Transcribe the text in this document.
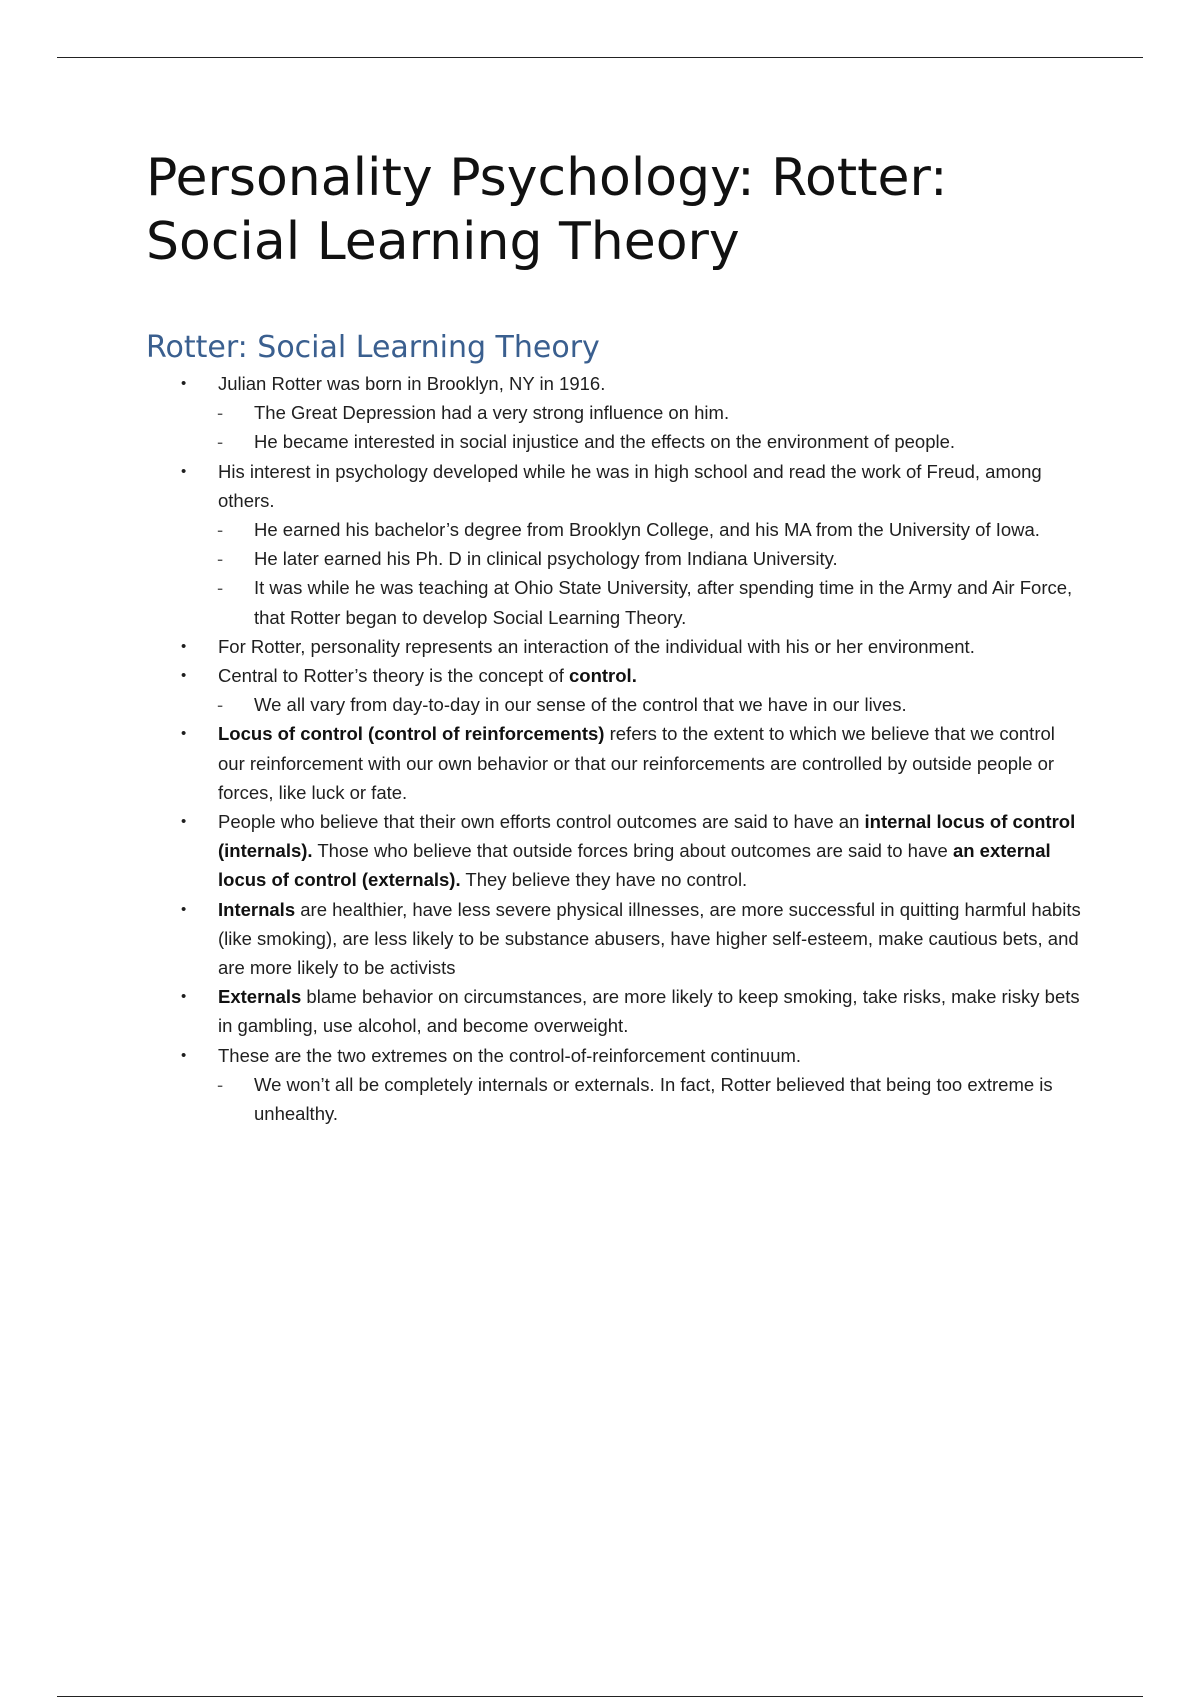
Personality Psychology: Rotter: Social Learning Theory
Rotter: Social Learning Theory
• Julian Rotter was born in Brooklyn, NY in 1916.
- The Great Depression had a very strong influence on him.
- He became interested in social injustice and the effects on the environment of people.
• His interest in psychology developed while he was in high school and read the work of Freud, among others.
- He earned his bachelor’s degree from Brooklyn College, and his MA from the University of Iowa.
- He later earned his Ph. D in clinical psychology from Indiana University.
- It was while he was teaching at Ohio State University, after spending time in the Army and Air Force, that Rotter began to develop Social Learning Theory.
• For Rotter, personality represents an interaction of the individual with his or her environment.
• Central to Rotter’s theory is the concept of control.
- We all vary from day-to-day in our sense of the control that we have in our lives.
• Locus of control (control of reinforcements) refers to the extent to which we believe that we control our reinforcement with our own behavior or that our reinforcements are controlled by outside people or forces, like luck or fate.
• People who believe that their own efforts control outcomes are said to have an internal locus of control (internals). Those who believe that outside forces bring about outcomes are said to have an external locus of control (externals). They believe they have no control.
• Internals are healthier, have less severe physical illnesses, are more successful in quitting harmful habits (like smoking), are less likely to be substance abusers, have higher self-esteem, make cautious bets, and are more likely to be activists
• Externals blame behavior on circumstances, are more likely to keep smoking, take risks, make risky bets in gambling, use alcohol, and become overweight.
• These are the two extremes on the control-of-reinforcement continuum.
- We won’t all be completely internals or externals. In fact, Rotter believed that being too extreme is unhealthy.
